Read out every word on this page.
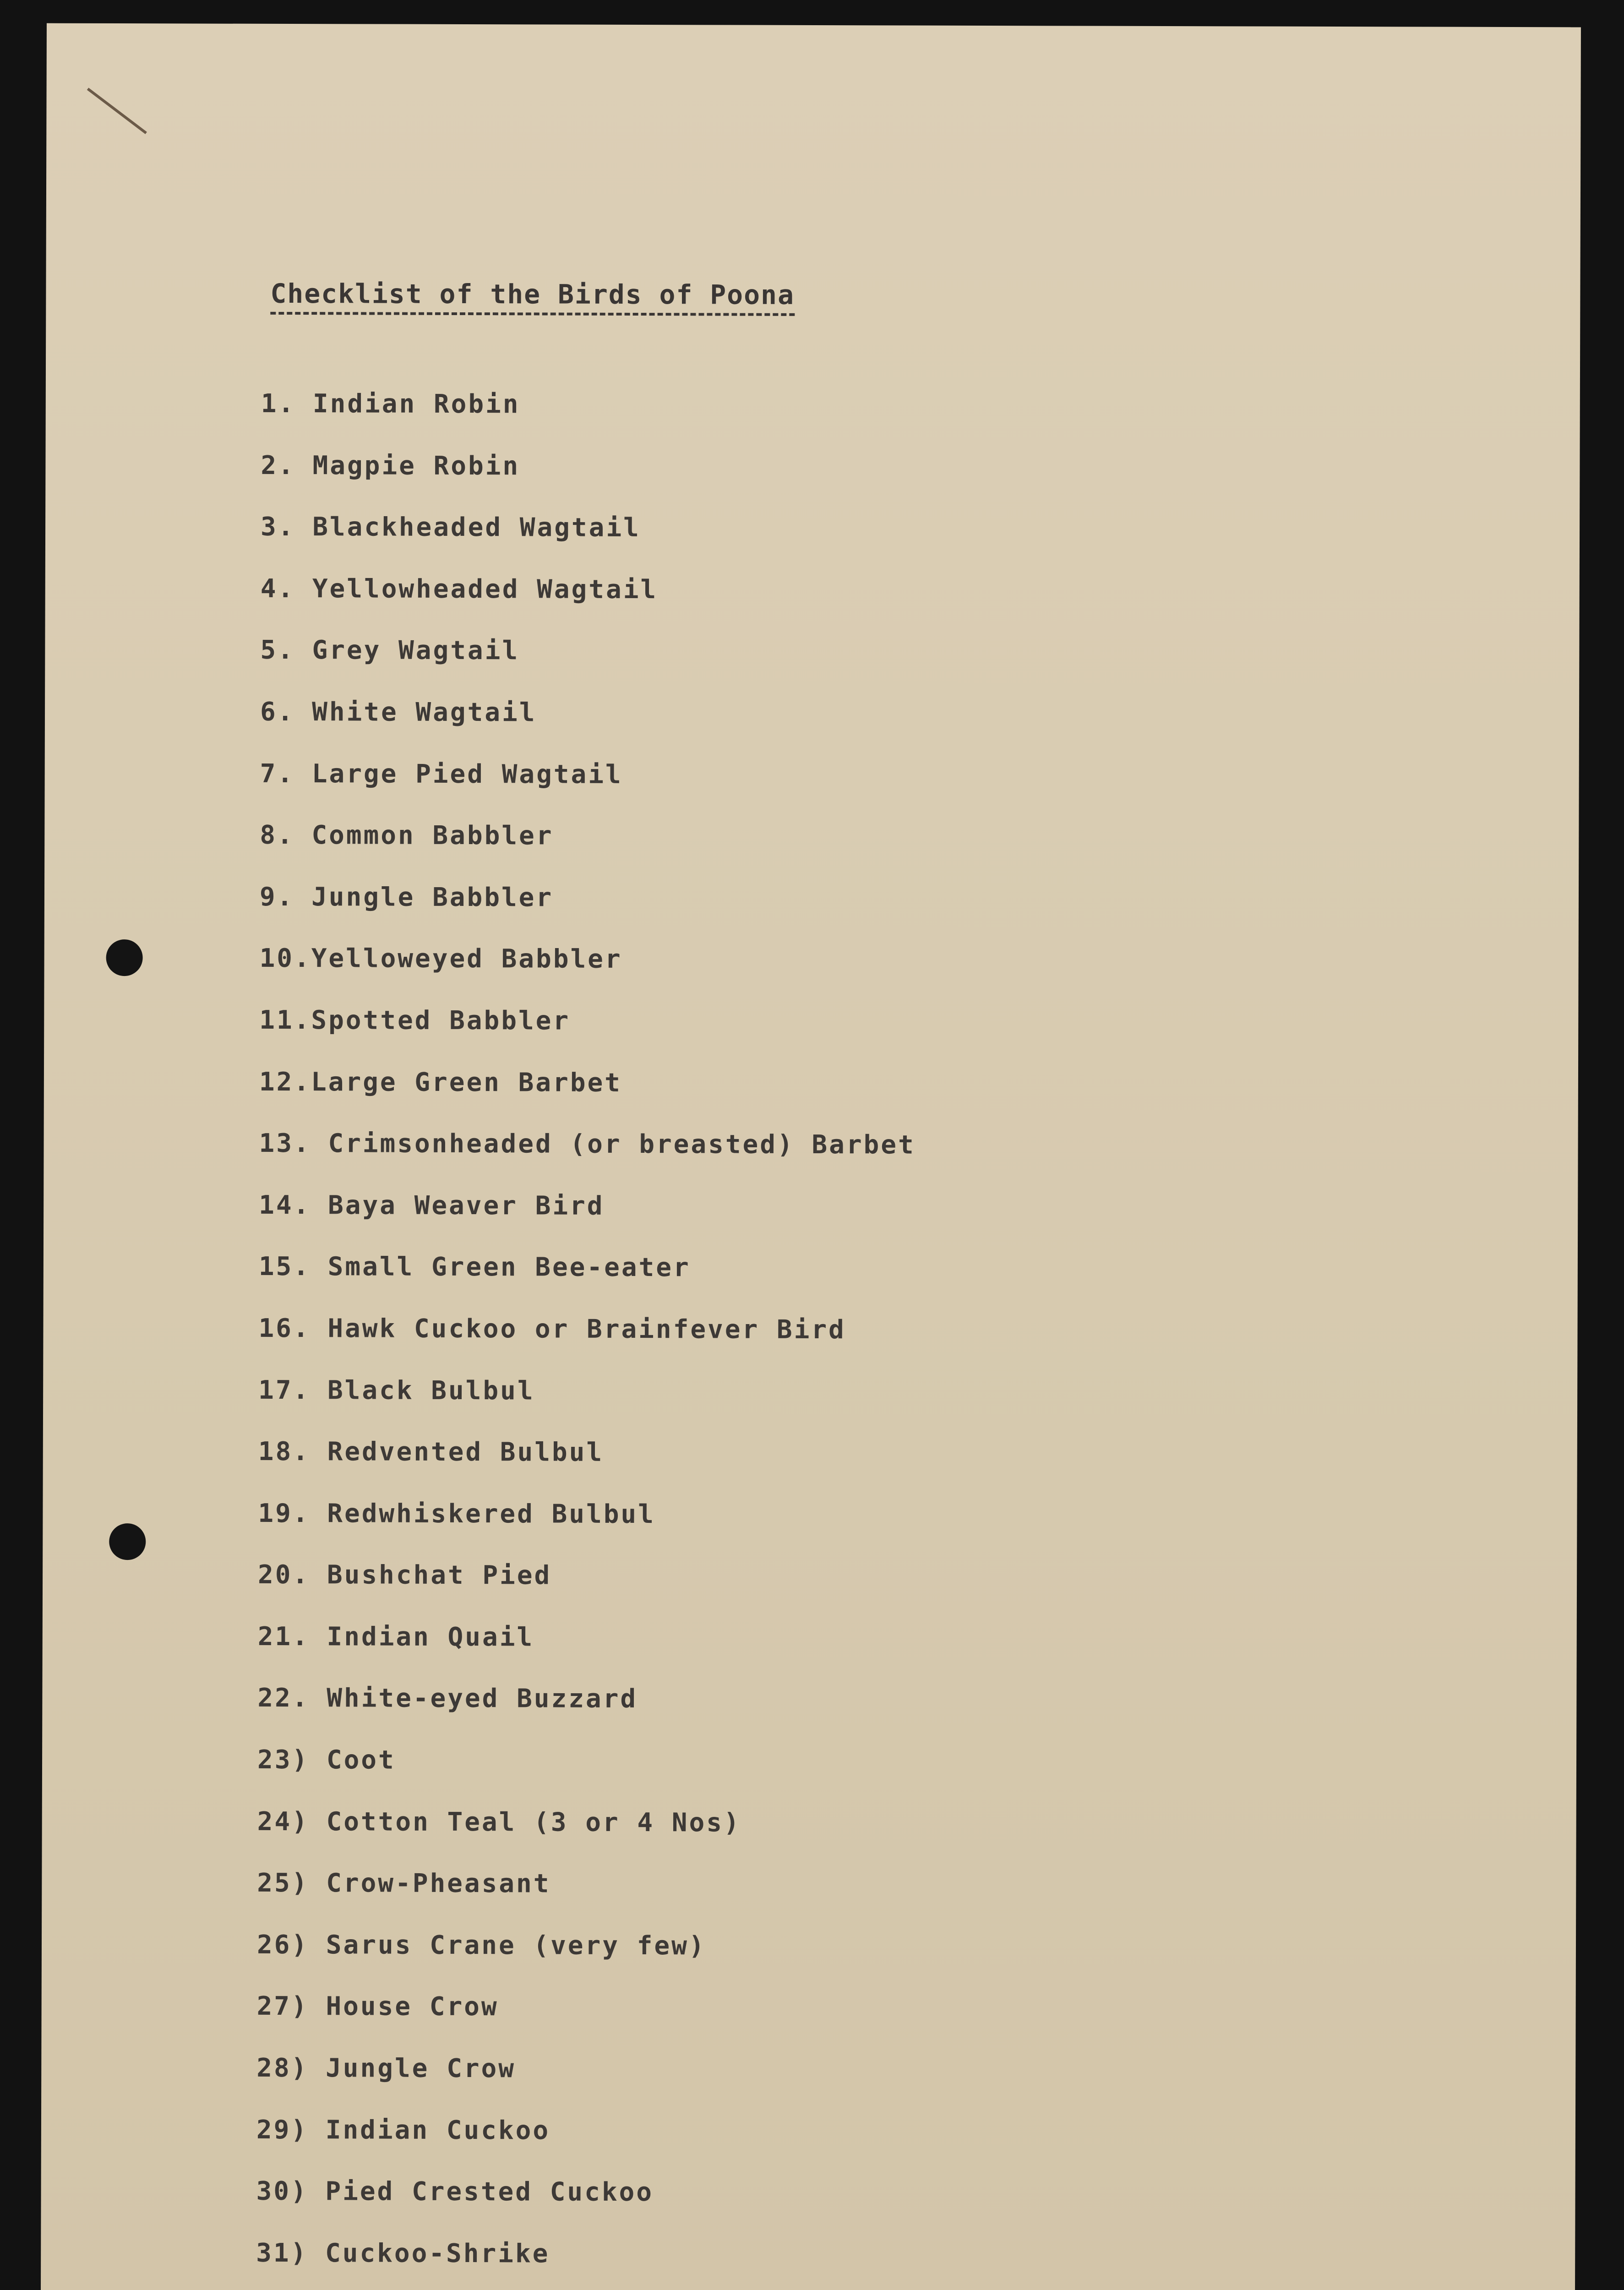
Checklist of the Birds of Poona
1. Indian Robin
2. Magpie Robin
3. Blackheaded Wagtail
4. Yellowheaded Wagtail
5. Grey Wagtail
6. White Wagtail
7. Large Pied Wagtail
8. Common Babbler
9. Jungle Babbler
10.Yelloweyed Babbler
11.Spotted Babbler
12.Large Green Barbet
13. Crimsonheaded (or breasted) Barbet
14. Baya Weaver Bird
15. Small Green Bee-eater
16. Hawk Cuckoo or Brainfever Bird
17. Black Bulbul
18. Redvented Bulbul
19. Redwhiskered Bulbul
20. Bushchat Pied
21. Indian Quail
22. White-eyed Buzzard
23) Coot
24) Cotton Teal (3 or 4 Nos)
25) Crow-Pheasant
26) Sarus Crane (very few)
27) House Crow
28) Jungle Crow
29) Indian Cuckoo
30) Pied Crested Cuckoo
31) Cuckoo-Shrike
